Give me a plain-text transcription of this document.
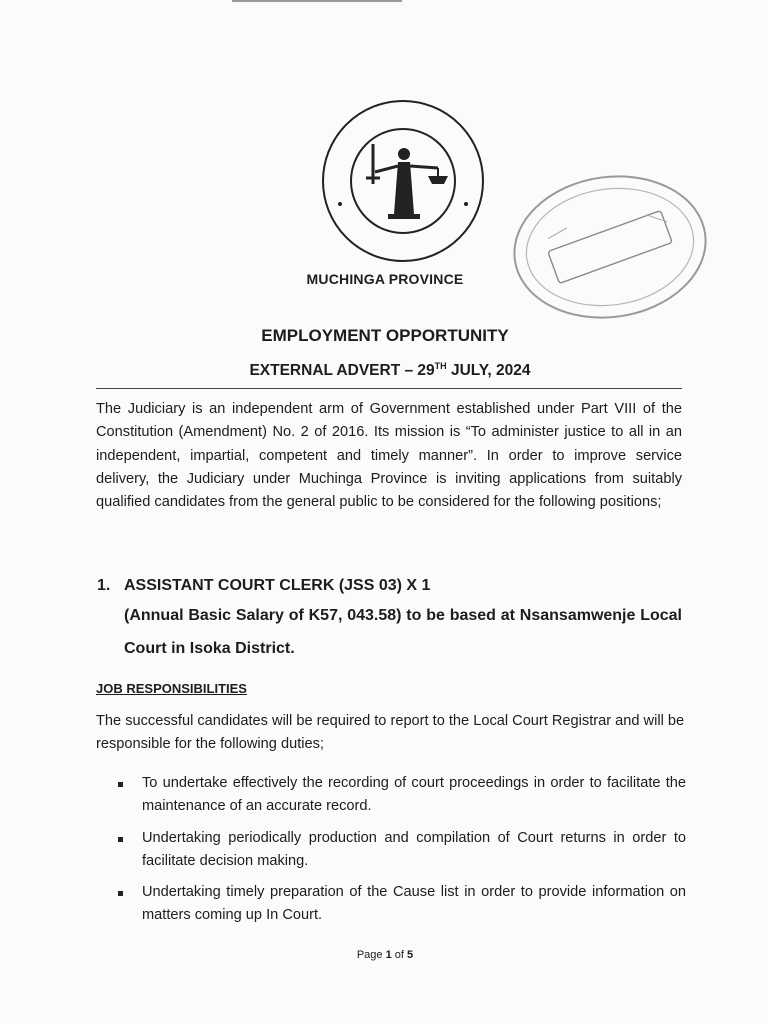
MUCHINGA PROVINCE
EMPLOYMENT OPPORTUNITY
EXTERNAL ADVERT – 29TH JULY, 2024
The Judiciary is an independent arm of Government established under Part VIII of the Constitution (Amendment) No. 2 of 2016. Its mission is “To administer justice to all in an independent, impartial, competent and timely manner”. In order to improve service delivery, the Judiciary under Muchinga Province is inviting applications from suitably qualified candidates from the general public to be considered for the following positions;
1. ASSISTANT COURT CLERK (JSS 03) X 1
(Annual Basic Salary of K57, 043.58) to be based at Nsansamwenje Local Court in Isoka District.
JOB RESPONSIBILITIES
The successful candidates will be required to report to the Local Court Registrar and will be responsible for the following duties;
To undertake effectively the recording of court proceedings in order to facilitate the maintenance of an accurate record.
Undertaking periodically production and compilation of Court returns in order to facilitate decision making.
Undertaking timely preparation of the Cause list in order to provide information on matters coming up In Court.
Page 1 of 5
